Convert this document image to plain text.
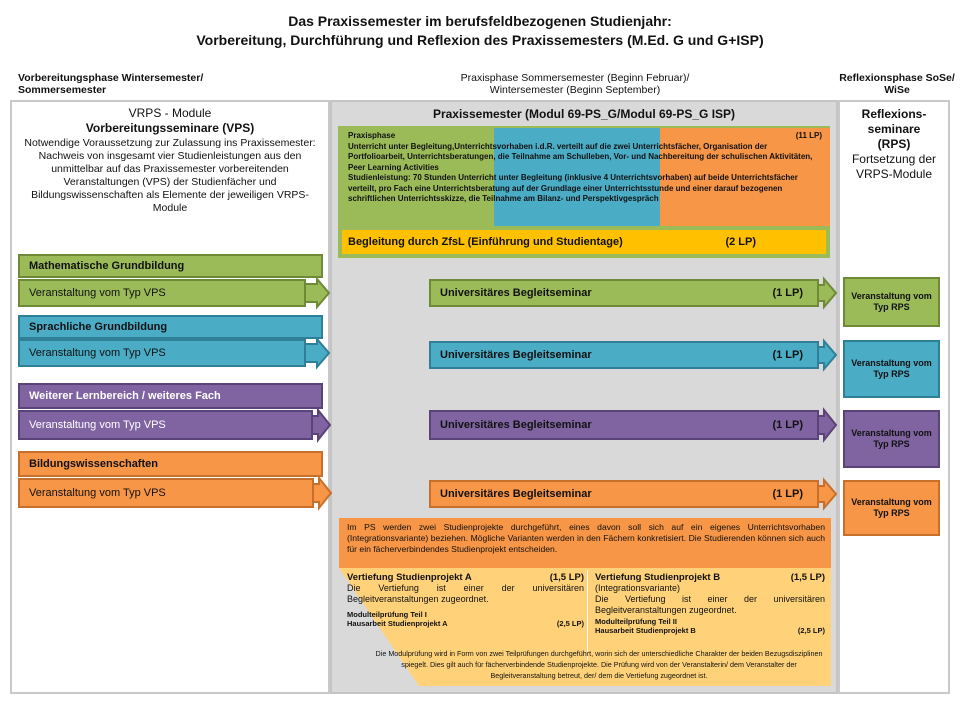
Das Praxissemester im berufsfeldbezogenen Studienjahr:
Vorbereitung, Durchführung und Reflexion des Praxissemesters (M.Ed. G und G+ISP)
Vorbereitungsphase Wintersemester/ Sommersemester
Praxisphase Sommersemester (Beginn Februar)/ Wintersemester (Beginn September)
Reflexionsphase SoSe/ WiSe
VRPS - Module
Vorbereitungsseminare (VPS)
Notwendige Voraussetzung zur Zulassung ins Praxissemester: Nachweis von insgesamt vier Studienleistungen aus den unmittelbar auf das Praxissemester vorbereitenden Veranstaltungen (VPS) der Studienfächer und Bildungswissenschaften als Elemente der jeweiligen VRPS-Module
Praxissemester (Modul 69-PS_G/Modul 69-PS_G ISP)
Praxisphase	(11 LP)
Unterricht unter Begleitung,Unterrichtsvorhaben i.d.R. verteilt auf die zwei Unterrichtsfächer, Organisation der Portfolioarbeit, Unterrichtsberatungen, die Teilnahme am Schulleben, Vor- und Nachbereitung der schulischen Aktivitäten, Peer Learning Activities
Studienleistung: 70 Stunden Unterricht unter Begleitung (inklusive 4 Unterrichtsvorhaben) auf beide Unterrichtsfächer verteilt, pro Fach eine Unterrichtsberatung auf der Grundlage einer Unterrichtsstunde und einer darauf bezogenen schriftlichen Unterrichtsskizze, die Teilnahme am Bilanz- und Perspektivgespräch
Begleitung durch ZfsL (Einführung und Studientage)	(2 LP)
Reflexions-
seminare
(RPS)
Fortsetzung der VRPS-Module
Mathematische Grundbildung
Veranstaltung vom Typ VPS	Universitäres Begleitseminar	(1 LP)	Veranstaltung vom Typ RPS
Sprachliche Grundbildung
Veranstaltung vom Typ VPS	Universitäres Begleitseminar	(1 LP)
Veranstaltung vom Typ RPS
Weiterer Lernbereich / weiteres Fach
Veranstaltung vom Typ VPS	Universitäres Begleitseminar	(1 LP)
Veranstaltung vom Typ RPS
Bildungswissenschaften
Veranstaltung vom Typ VPS	Universitäres Begleitseminar	(1 LP)
Veranstaltung vom Typ RPS
Im PS werden zwei Studienprojekte durchgeführt, eines davon soll sich auf ein eigenes Unterrichtsvorhaben (Integrationsvariante) beziehen. Mögliche Varianten werden in den Fächern konkretisiert. Die Studierenden können sich auch für ein fächerverbindendes Studienprojekt entscheiden.
Vertiefung Studienprojekt A	(1,5 LP)
Die Vertiefung ist einer der universitären Begleitveranstaltungen zugeordnet.
Modulteilprüfung Teil I
Hausarbeit Studienprojekt A	(2,5 LP)
Vertiefung Studienprojekt B	(1,5 LP)
(Integrationsvariante)
Die Vertiefung ist einer der universitären Begleitveranstaltungen zugeordnet.
Modulteilprüfung Teil II
Hausarbeit Studienprojekt B	(2,5 LP)
Die Modulprüfung wird in Form von zwei Teilprüfungen durchgeführt, worin sich der unterschiedliche Charakter der beiden Bezugsdisziplinen spiegelt. Dies gilt auch für fächerverbindende Studienprojekte. Die Prüfung wird von der Veranstalterin/ dem Veranstalter der Begleitveranstaltung betreut, der/ dem die Vertiefung zugeordnet ist.
